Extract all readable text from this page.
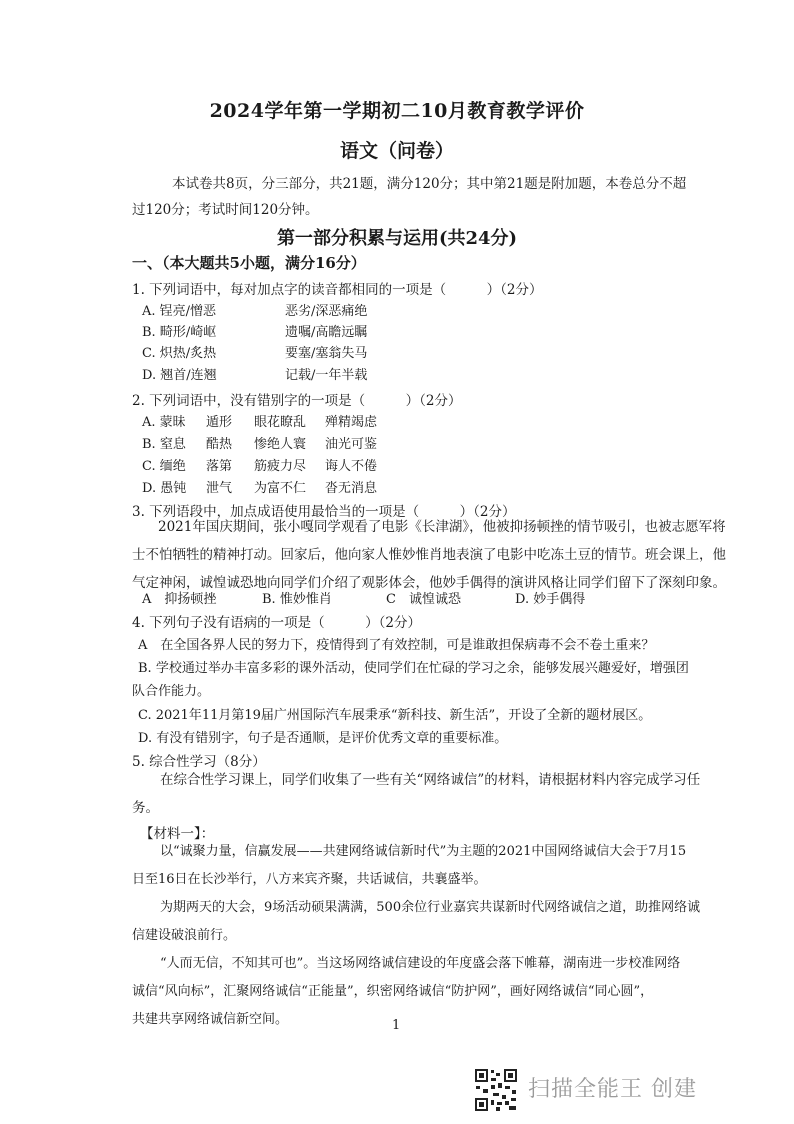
2024学年第一学期初二10月教育教学评价
语文（问卷）
本试卷共8页，分三部分，共21题，满分120分；其中第21题是附加题，本卷总分不超
过120分；考试时间120分钟。
第一部分积累与运用(共24分)
一、（本大题共5小题，满分16分）
1. 下列词语中，每对加点字的读音都相同的一项是（　　　）（2分）
A. 锃亮/憎恶	恶劣/深恶痛绝
B. 畸形/崎岖	遗嘱/高瞻远瞩
C. 炽热/炙热	要塞/塞翁失马
D. 翘首/连翘	记载/一年半载
2. 下列词语中，没有错别字的一项是（　　　）（2分）
A. 蒙昧 遁形 眼花瞭乱 殚精竭虑
B. 窒息 酷热 惨绝人寰 油光可鉴
C. 缅绝 落第 筋疲力尽 诲人不倦
D. 愚钝 泄气 为富不仁 沓无消息
3. 下列语段中，加点成语使用最恰当的一项是（　　　）（2分）
2021年国庆期间，张小嘎同学观看了电影《长津湖》，他被抑扬顿挫的情节吸引，也被志愿军将
士不怕牺牲的精神打动。回家后，他向家人惟妙惟肖地表演了电影中吃冻土豆的情节。班会课上，他
气定神闲，诚惶诚恐地向同学们介绍了观影体会，他妙手偶得的演讲风格让同学们留下了深刻印象。
A　抑扬顿挫	B. 惟妙惟肖	C　诚惶诚恐	D. 妙手偶得
4. 下列句子没有语病的一项是（　　　）（2分）
A　在全国各界人民的努力下，疫情得到了有效控制，可是谁敢担保病毒不会不卷土重来？
B. 学校通过举办丰富多彩的课外活动，使同学们在忙碌的学习之余，能够发展兴趣爱好，增强团
队合作能力。
C. 2021年11月第19届广州国际汽车展秉承“新科技、新生活”，开设了全新的题材展区。
D. 有没有错别字，句子是否通顺，是评价优秀文章的重要标准。
5. 综合性学习（8分）
在综合性学习课上，同学们收集了一些有关“网络诚信”的材料，请根据材料内容完成学习任
务。
【材料一】：
以“诚聚力量，信赢发展——共建网络诚信新时代”为主题的2021中国网络诚信大会于7月15
日至16日在长沙举行，八方来宾齐聚，共话诚信，共襄盛举。
为期两天的大会，9场活动硕果满满，500余位行业嘉宾共谋新时代网络诚信之道，助推网络诚
信建设破浪前行。
“人而无信，不知其可也”。当这场网络诚信建设的年度盛会落下帷幕，湖南进一步校准网络
诚信“风向标”，汇聚网络诚信“正能量”，织密网络诚信“防护网”，画好网络诚信“同心圆”，
共建共享网络诚信新空间。	1
扫描全能王 创建
